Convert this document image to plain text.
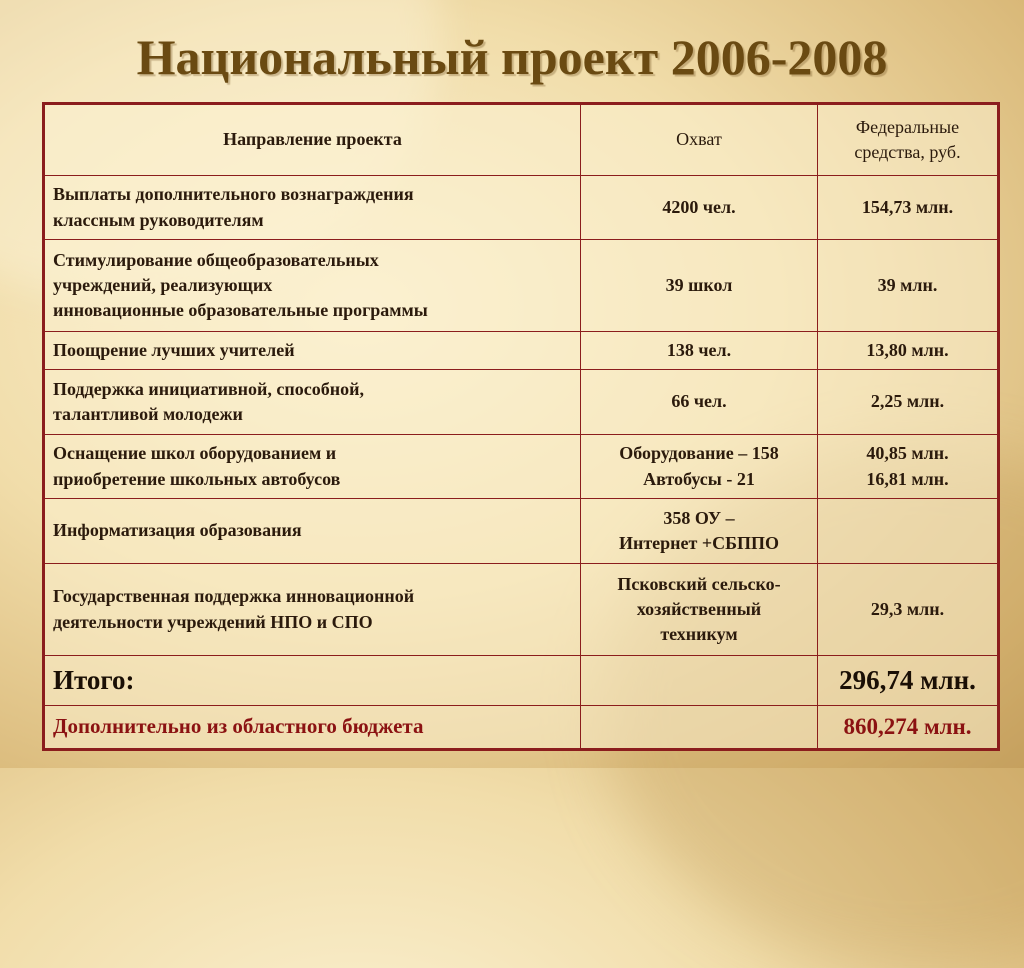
Национальный проект 2006-2008
Направление проекта	Охват	Федеральные
средства, руб.
Выплаты дополнительного вознаграждения
классным руководителям	4200 чел.	154,73 млн.
Стимулирование общеобразовательных
учреждений, реализующих
инновационные образовательные программы	39 школ	39 млн.
Поощрение лучших учителей	138 чел.	13,80 млн.
Поддержка инициативной, способной,
талантливой молодежи	66 чел.	2,25 млн.
Оснащение школ оборудованием и
приобретение школьных автобусов	Оборудование – 158
Автобусы - 21	40,85 млн.
16,81 млн.
Информатизация образования	358 ОУ –
Интернет +СБППО	
Государственная поддержка инновационной
деятельности учреждений НПО и СПО	Псковский сельско-
хозяйственный
техникум	29,3 млн.
Итого:		296,74 млн.
Дополнительно из областного бюджета		860,274 млн.
